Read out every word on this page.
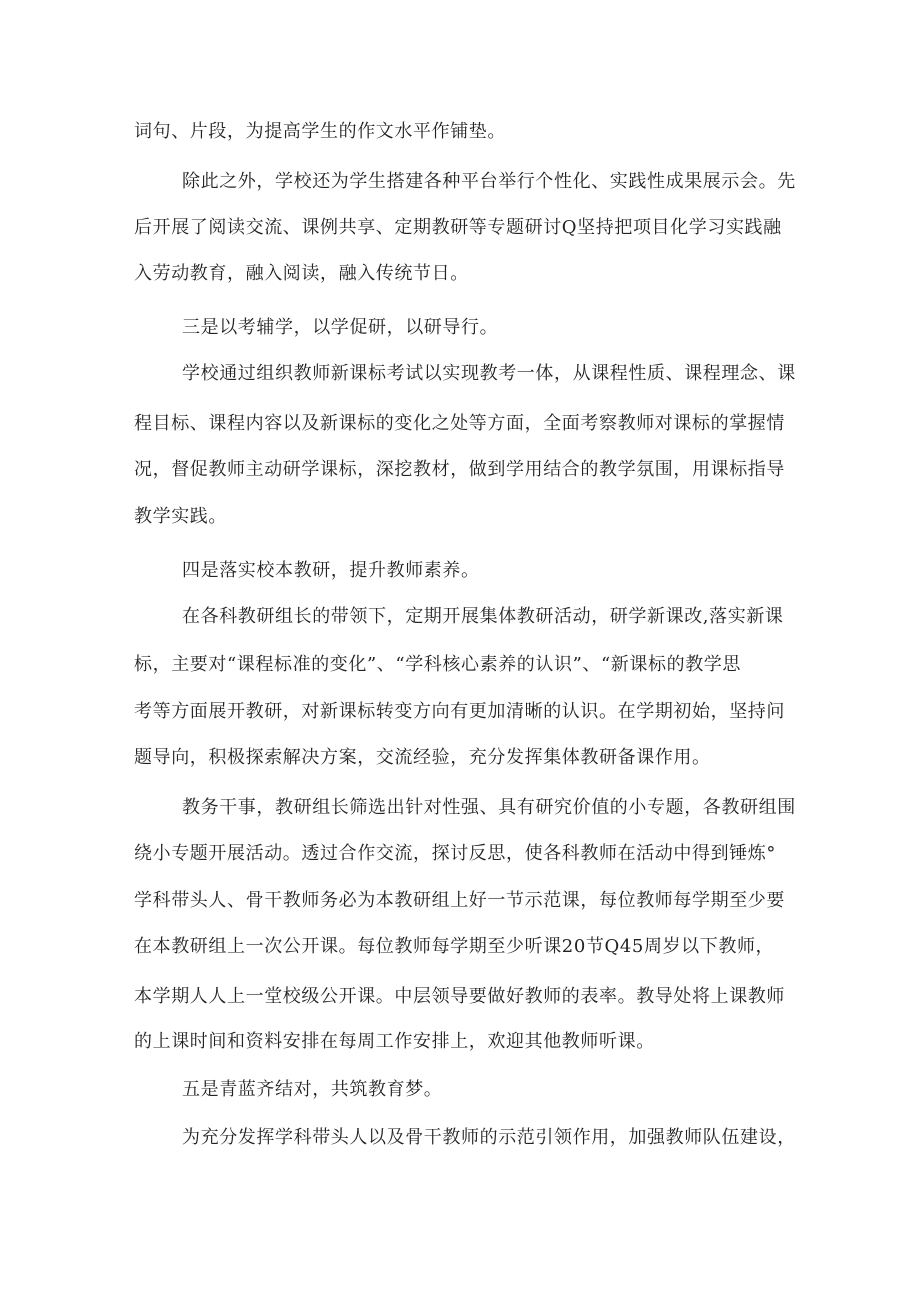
词句、片段，为提高学生的作文水平作铺垫。
除此之外，学校还为学生搭建各种平台举行个性化、实践性成果展示会。先
后开展了阅读交流、课例共享、定期教研等专题研讨Q坚持把项目化学习实践融
入劳动教育，融入阅读，融入传统节日。
三是以考辅学，以学促研，以研导行。
学校通过组织教师新课标考试以实现教考一体，从课程性质、课程理念、课
程目标、课程内容以及新课标的变化之处等方面，全面考察教师对课标的掌握情
况，督促教师主动研学课标，深挖教材，做到学用结合的教学氛围，用课标指导
教学实践。
四是落实校本教研，提升教师素养。
在各科教研组长的带领下，定期开展集体教研活动，研学新课改,落实新课
标，主要对“课程标准的变化”、“学科核心素养的认识”、“新课标的教学思
考等方面展开教研，对新课标转变方向有更加清晰的认识。在学期初始，坚持问
题导向，积极探索解决方案，交流经验，充分发挥集体教研备课作用。
教务干事，教研组长筛选出针对性强、具有研究价值的小专题，各教研组围
绕小专题开展活动。透过合作交流，探讨反思，使各科教师在活动中得到锤炼°
学科带头人、骨干教师务必为本教研组上好一节示范课，每位教师每学期至少要
在本教研组上一次公开课。每位教师每学期至少听课20节Q45周岁以下教师，
本学期人人上一堂校级公开课。中层领导要做好教师的表率。教导处将上课教师
的上课时间和资料安排在每周工作安排上，欢迎其他教师听课。
五是青蓝齐结对，共筑教育梦。
为充分发挥学科带头人以及骨干教师的示范引领作用，加强教师队伍建设，
